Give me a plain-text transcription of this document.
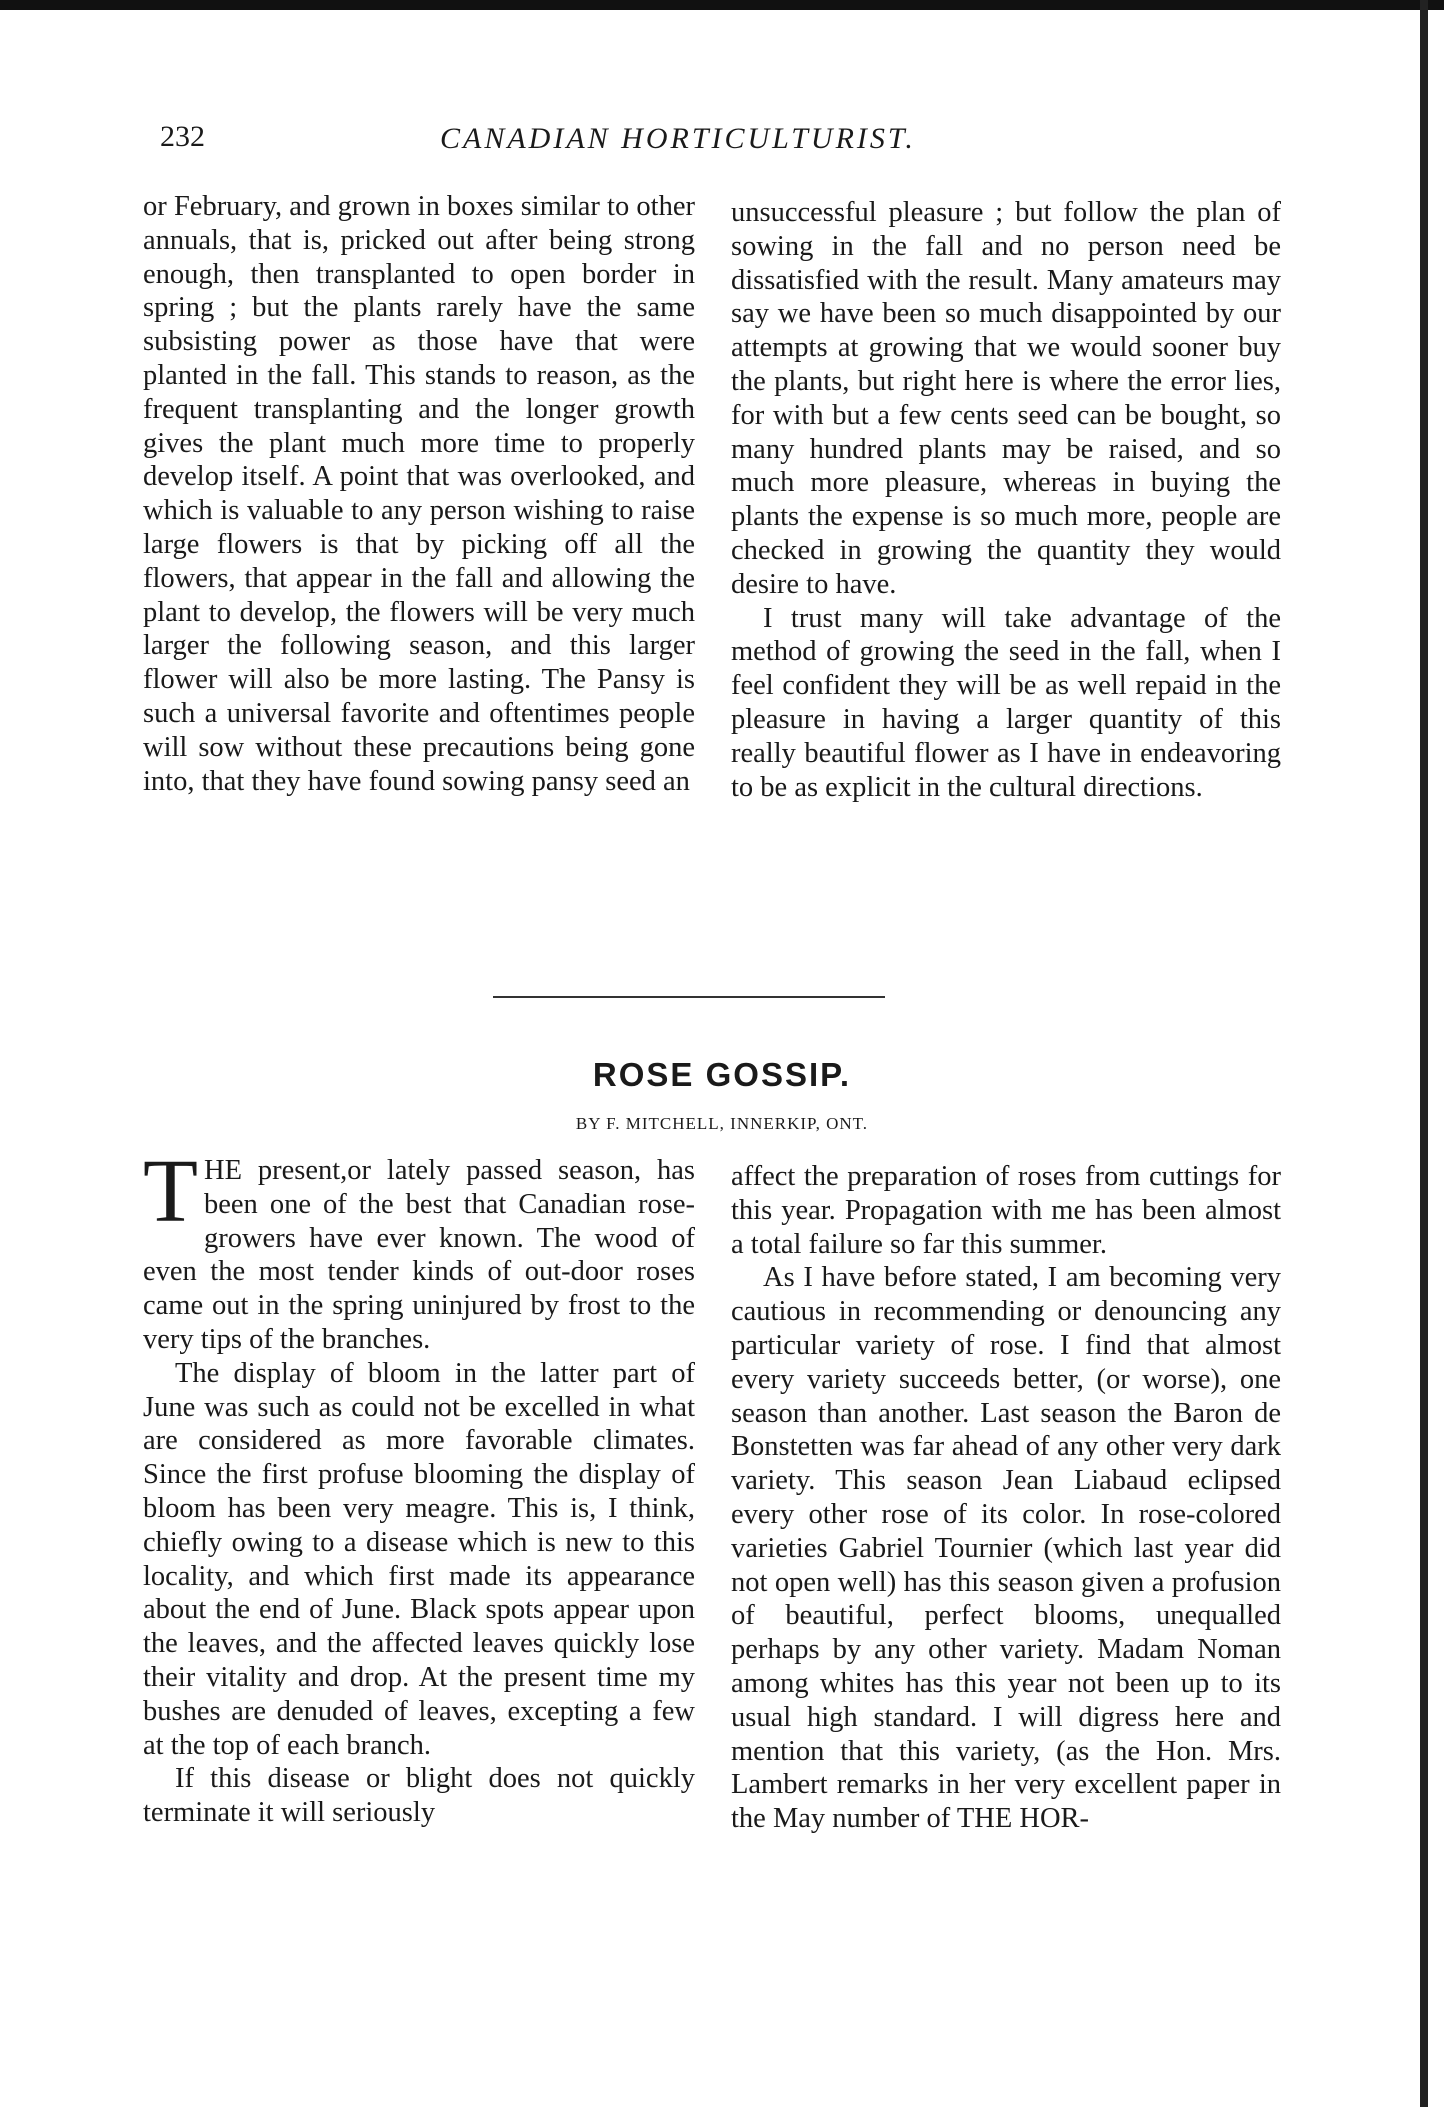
232	CANADIAN HORTICULTURIST.

or February, and grown in boxes similar to other annuals, that is, pricked out after being strong enough, then transplanted to open border in spring ; but the plants rarely have the same subsisting power as those have that were planted in the fall. This stands to reason, as the frequent transplanting and the longer growth gives the plant much more time to properly develop itself. A point that was overlooked, and which is valuable to any person wishing to raise large flowers is that by picking off all the flowers, that appear in the fall and allowing the plant to develop, the flowers will be very much larger the following season, and this larger flower will also be more lasting. The Pansy is such a universal favorite and oftentimes people will sow without these precautions being gone into, that they have found sowing pansy seed an

unsuccessful pleasure ; but follow the plan of sowing in the fall and no person need be dissatisfied with the result. Many amateurs may say we have been so much disappointed by our attempts at growing that we would sooner buy the plants, but right here is where the error lies, for with but a few cents seed can be bought, so many hundred plants may be raised, and so much more pleasure, whereas in buying the plants the expense is so much more, people are checked in growing the quantity they would desire to have.

I trust many will take advantage of the method of growing the seed in the fall, when I feel confident they will be as well repaid in the pleasure in having a larger quantity of this really beautiful flower as I have in endeavoring to be as explicit in the cultural directions.

ROSE GOSSIP.
BY F. MITCHELL, INNERKIP, ONT.

THE present,or lately passed season, has been one of the best that Canadian rose-growers have ever known. The wood of even the most tender kinds of out-door roses came out in the spring uninjured by frost to the very tips of the branches.

The display of bloom in the latter part of June was such as could not be excelled in what are considered as more favorable climates. Since the first profuse blooming the display of bloom has been very meagre. This is, I think, chiefly owing to a disease which is new to this locality, and which first made its appearance about the end of June. Black spots appear upon the leaves, and the affected leaves quickly lose their vitality and drop. At the present time my bushes are denuded of leaves, excepting a few at the top of each branch.

If this disease or blight does not quickly terminate it will seriously

affect the preparation of roses from cuttings for this year. Propagation with me has been almost a total failure so far this summer.

As I have before stated, I am becoming very cautious in recommending or denouncing any particular variety of rose. I find that almost every variety succeeds better, (or worse), one season than another. Last season the Baron de Bonstetten was far ahead of any other very dark variety. This season Jean Liabaud eclipsed every other rose of its color. In rose-colored varieties Gabriel Tournier (which last year did not open well) has this season given a profusion of beautiful, perfect blooms, unequalled perhaps by any other variety. Madam Noman among whites has this year not been up to its usual high standard. I will digress here and mention that this variety, (as the Hon. Mrs. Lambert remarks in her very excellent paper in the May number of THE HOR-
